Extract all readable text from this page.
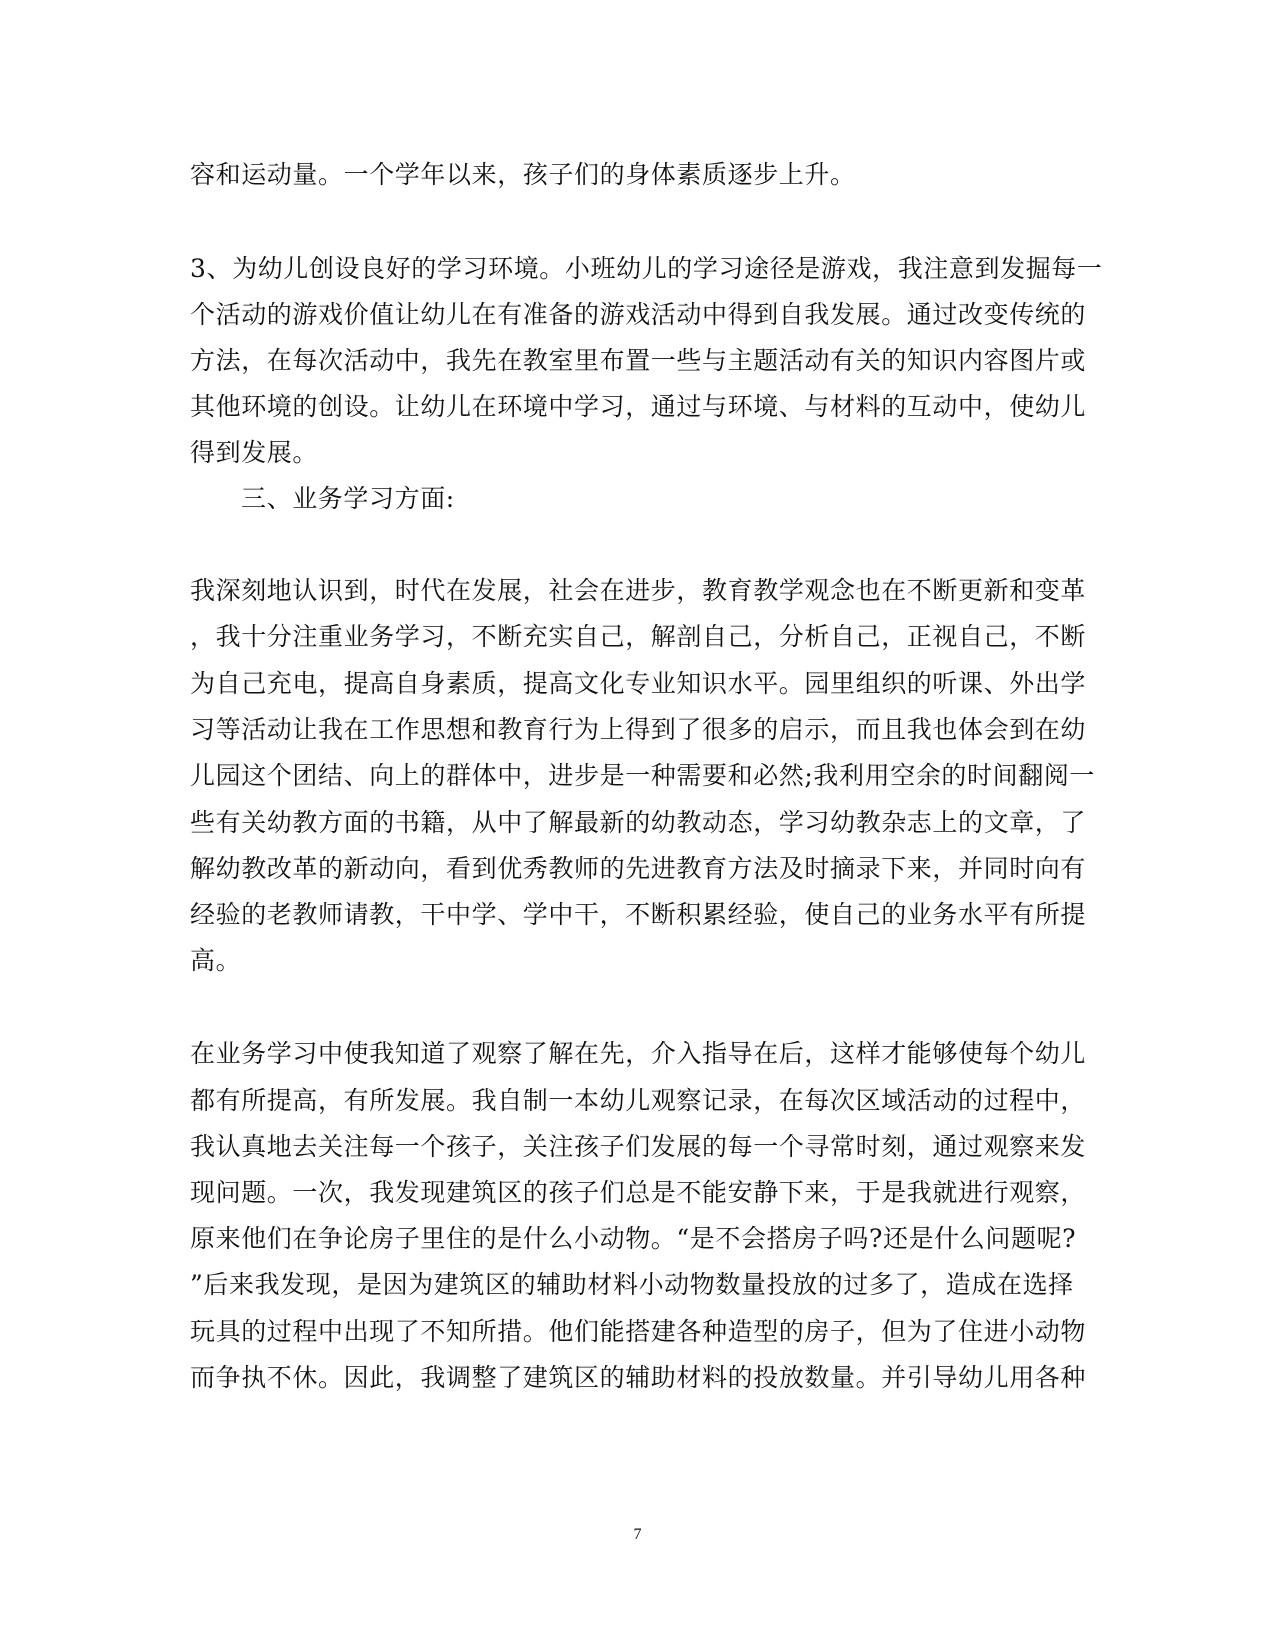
容和运动量。一个学年以来，孩子们的身体素质逐步上升。
3、为幼儿创设良好的学习环境。小班幼儿的学习途径是游戏，我注意到发掘每一
个活动的游戏价值让幼儿在有准备的游戏活动中得到自我发展。通过改变传统的
方法，在每次活动中，我先在教室里布置一些与主题活动有关的知识内容图片或
其他环境的创设。让幼儿在环境中学习，通过与环境、与材料的互动中，使幼儿
得到发展。
三、业务学习方面:
我深刻地认识到，时代在发展，社会在进步，教育教学观念也在不断更新和变革
，我十分注重业务学习，不断充实自己，解剖自己，分析自己，正视自己，不断
为自己充电，提高自身素质，提高文化专业知识水平。园里组织的听课、外出学
习等活动让我在工作思想和教育行为上得到了很多的启示，而且我也体会到在幼
儿园这个团结、向上的群体中，进步是一种需要和必然;我利用空余的时间翻阅一
些有关幼教方面的书籍，从中了解最新的幼教动态，学习幼教杂志上的文章，了
解幼教改革的新动向，看到优秀教师的先进教育方法及时摘录下来，并同时向有
经验的老教师请教，干中学、学中干，不断积累经验，使自己的业务水平有所提
高。
在业务学习中使我知道了观察了解在先，介入指导在后，这样才能够使每个幼儿
都有所提高，有所发展。我自制一本幼儿观察记录，在每次区域活动的过程中，
我认真地去关注每一个孩子，关注孩子们发展的每一个寻常时刻，通过观察来发
现问题。一次，我发现建筑区的孩子们总是不能安静下来，于是我就进行观察，
原来他们在争论房子里住的是什么小动物。“是不会搭房子吗?还是什么问题呢?
”后来我发现，是因为建筑区的辅助材料小动物数量投放的过多了，造成在选择
玩具的过程中出现了不知所措。他们能搭建各种造型的房子，但为了住进小动物
而争执不休。因此，我调整了建筑区的辅助材料的投放数量。并引导幼儿用各种
7
